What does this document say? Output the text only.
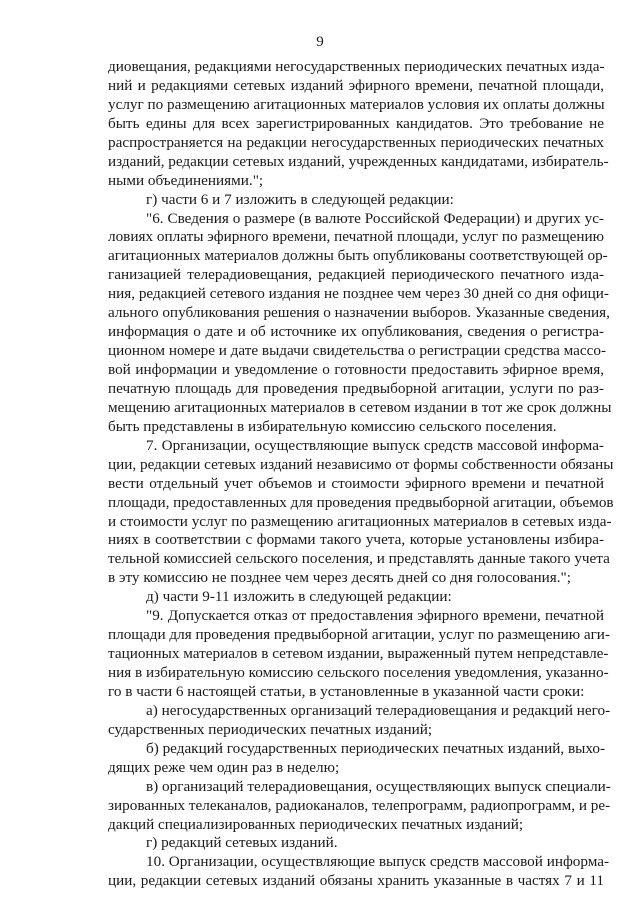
9
диовещания, редакциями негосударственных периодических печатных изда-
ний и редакциями сетевых изданий эфирного времени, печатной площади,
услуг по размещению агитационных материалов условия их оплаты должны
быть едины для всех зарегистрированных кандидатов. Это требование не
распространяется на редакции негосударственных периодических печатных
изданий, редакции сетевых изданий, учрежденных кандидатами, избиратель-
ными объединениями.";
г) части 6 и 7 изложить в следующей редакции:
"6. Сведения о размере (в валюте Российской Федерации) и других ус-
ловиях оплаты эфирного времени, печатной площади, услуг по размещению
агитационных материалов должны быть опубликованы соответствующей ор-
ганизацией телерадиовещания, редакцией периодического печатного изда-
ния, редакцией сетевого издания не позднее чем через 30 дней со дня офици-
ального опубликования решения о назначении выборов. Указанные сведения,
информация о дате и об источнике их опубликования, сведения о регистра-
ционном номере и дате выдачи свидетельства о регистрации средства массо-
вой информации и уведомление о готовности предоставить эфирное время,
печатную площадь для проведения предвыборной агитации, услуги по раз-
мещению агитационных материалов в сетевом издании в тот же срок должны
быть представлены в избирательную комиссию сельского поселения.
7. Организации, осуществляющие выпуск средств массовой информа-
ции, редакции сетевых изданий независимо от формы собственности обязаны
вести отдельный учет объемов и стоимости эфирного времени и печатной
площади, предоставленных для проведения предвыборной агитации, объемов
и стоимости услуг по размещению агитационных материалов в сетевых изда-
ниях в соответствии с формами такого учета, которые установлены избира-
тельной комиссией сельского поселения, и представлять данные такого учета
в эту комиссию не позднее чем через десять дней со дня голосования.";
д) части 9-11 изложить в следующей редакции:
"9. Допускается отказ от предоставления эфирного времени, печатной
площади для проведения предвыборной агитации, услуг по размещению аги-
тационных материалов в сетевом издании, выраженный путем непредставле-
ния в избирательную комиссию сельского поселения уведомления, указанно-
го в части 6 настоящей статьи, в установленные в указанной части сроки:
а) негосударственных организаций телерадиовещания и редакций него-
сударственных периодических печатных изданий;
б) редакций государственных периодических печатных изданий, выхо-
дящих реже чем один раз в неделю;
в) организаций телерадиовещания, осуществляющих выпуск специали-
зированных телеканалов, радиоканалов, телепрограмм, радиопрограмм, и ре-
дакций специализированных периодических печатных изданий;
г) редакций сетевых изданий.
10. Организации, осуществляющие выпуск средств массовой информа-
ции, редакции сетевых изданий обязаны хранить указанные в частях 7 и 11
